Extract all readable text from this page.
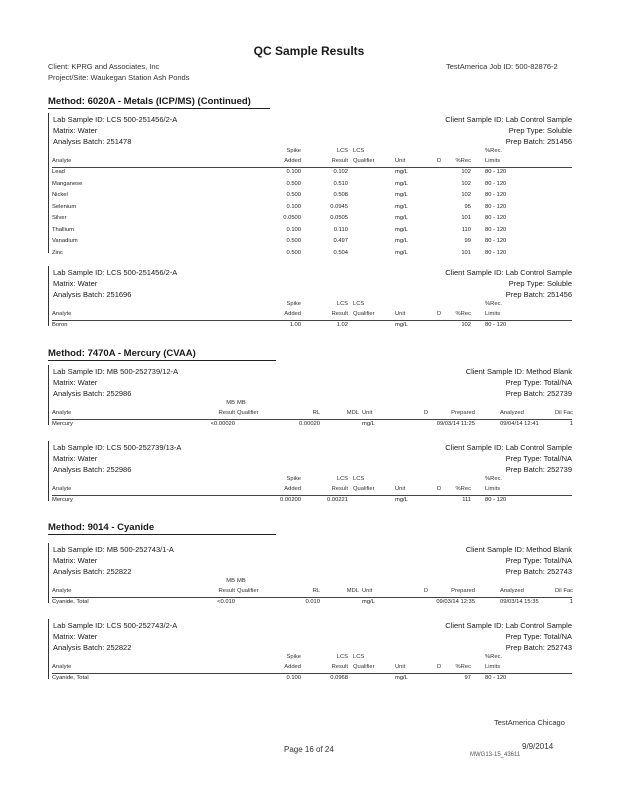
QC Sample Results
Client: KPRG and Associates, Inc
Project/Site: Waukegan Station Ash Ponds
TestAmerica Job ID: 500-82876-2
Method: 6020A - Metals (ICP/MS) (Continued)
Lab Sample ID: LCS 500-251456/2-A
Matrix: Water
Analysis Batch: 251478
Client Sample ID: Lab Control Sample
Prep Type: Soluble
Prep Batch: 251456
Spike	LCS LCS	%Rec.
Analyte	Added	Result Qualifier	Unit	D	%Rec Limits
Lead	0.100	0.102	mg/L	102 80 - 120
Manganese	0.500	0.510	mg/L	102 80 - 120
Nickel	0.500	0.508	mg/L	102 80 - 120
Selenium	0.100	0.0945	mg/L	95 80 - 120
Silver	0.0500	0.0505	mg/L	101 80 - 120
Thallium	0.100	0.110	mg/L	110 80 - 120
Vanadium	0.500	0.497	mg/L	99 80 - 120
Zinc	0.500	0.504	mg/L	101 80 - 120
Lab Sample ID: LCS 500-251456/2-A
Matrix: Water
Analysis Batch: 251696
Client Sample ID: Lab Control Sample
Prep Type: Soluble
Prep Batch: 251456
Spike	LCS LCS	%Rec.
Analyte	Added	Result Qualifier	Unit	D	%Rec Limits
Boron	1.00	1.02	mg/L	102 80 - 120
Method: 7470A - Mercury (CVAA)
Lab Sample ID: MB 500-252739/12-A
Matrix: Water
Analysis Batch: 252986
Client Sample ID: Method Blank
Prep Type: Total/NA
Prep Batch: 252739
MB MB
Analyte	Result Qualifier	RL	MDL Unit	D	Prepared	Analyzed	Dil Fac
Mercury	<0.00020	0.00020	mg/L	09/03/14 11:25	09/04/14 12:41	1
Lab Sample ID: LCS 500-252739/13-A
Matrix: Water
Analysis Batch: 252986
Client Sample ID: Lab Control Sample
Prep Type: Total/NA
Prep Batch: 252739
Spike	LCS LCS	%Rec.
Analyte	Added	Result Qualifier	Unit	D	%Rec Limits
Mercury	0.00200	0.00221	mg/L	111 80 - 120
Method: 9014 - Cyanide
Lab Sample ID: MB 500-252743/1-A
Matrix: Water
Analysis Batch: 252822
Client Sample ID: Method Blank
Prep Type: Total/NA
Prep Batch: 252743
MB MB
Analyte	Result Qualifier	RL	MDL Unit	D	Prepared	Analyzed	Dil Fac
Cyanide, Total	<0.010	0.010	mg/L	09/03/14 12:35	09/03/14 15:35	1
Lab Sample ID: LCS 500-252743/2-A
Matrix: Water
Analysis Batch: 252822
Client Sample ID: Lab Control Sample
Prep Type: Total/NA
Prep Batch: 252743
Spike	LCS LCS	%Rec.
Analyte	Added	Result Qualifier	Unit	D	%Rec Limits
Cyanide, Total	0.100	0.0968	mg/L	97 80 - 120
TestAmerica Chicago
Page 16 of 24	9/9/2014
MWG13-15_43611
